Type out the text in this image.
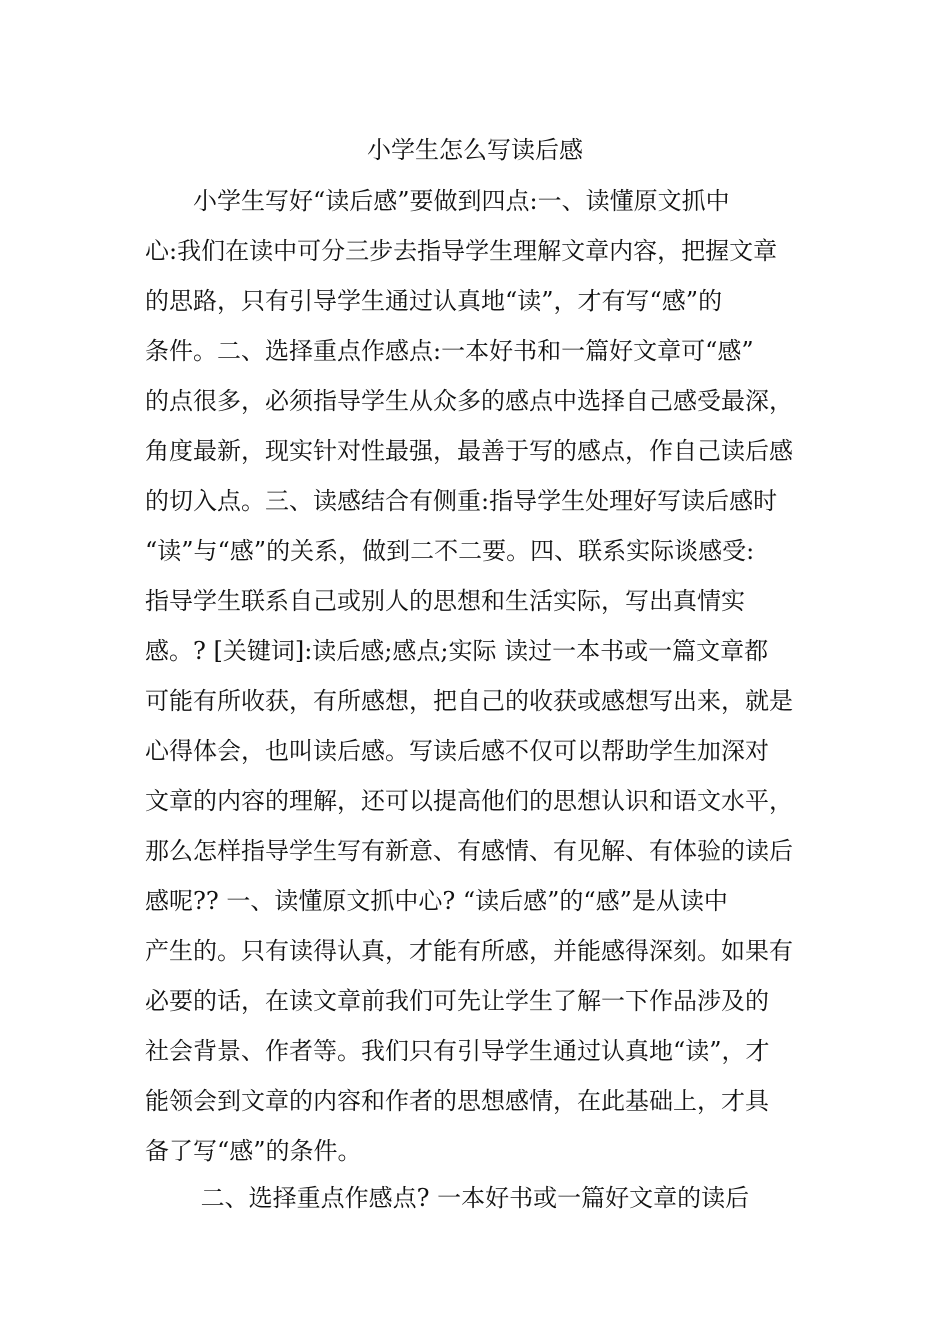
小学生怎么写读后感
　　小学生写好“读后感”要做到四点:一、读懂原文抓中
心:我们在读中可分三步去指导学生理解文章内容，把握文章
的思路，只有引导学生通过认真地“读”，才有写“感”的
条件。二、选择重点作感点:一本好书和一篇好文章可“感”
的点很多，必须指导学生从众多的感点中选择自己感受最深，
角度最新，现实针对性最强，最善于写的感点，作自己读后感
的切入点。三、读感结合有侧重:指导学生处理好写读后感时
“读”与“感”的关系，做到二不二要。四、联系实际谈感受:
指导学生联系自己或别人的思想和生活实际，写出真情实
感。? [关键词]:读后感;感点;实际 读过一本书或一篇文章都
可能有所收获，有所感想，把自己的收获或感想写出来，就是
心得体会，也叫读后感。写读后感不仅可以帮助学生加深对
文章的内容的理解，还可以提高他们的思想认识和语文水平，
那么怎样指导学生写有新意、有感情、有见解、有体验的读后
感呢?? 一、读懂原文抓中心? “读后感”的“感”是从读中
产生的。只有读得认真，才能有所感，并能感得深刻。如果有
必要的话，在读文章前我们可先让学生了解一下作品涉及的
社会背景、作者等。我们只有引导学生通过认真地“读”，才
能领会到文章的内容和作者的思想感情，在此基础上，才具
备了写“感”的条件。
　　 二、选择重点作感点? 一本好书或一篇好文章的读后
